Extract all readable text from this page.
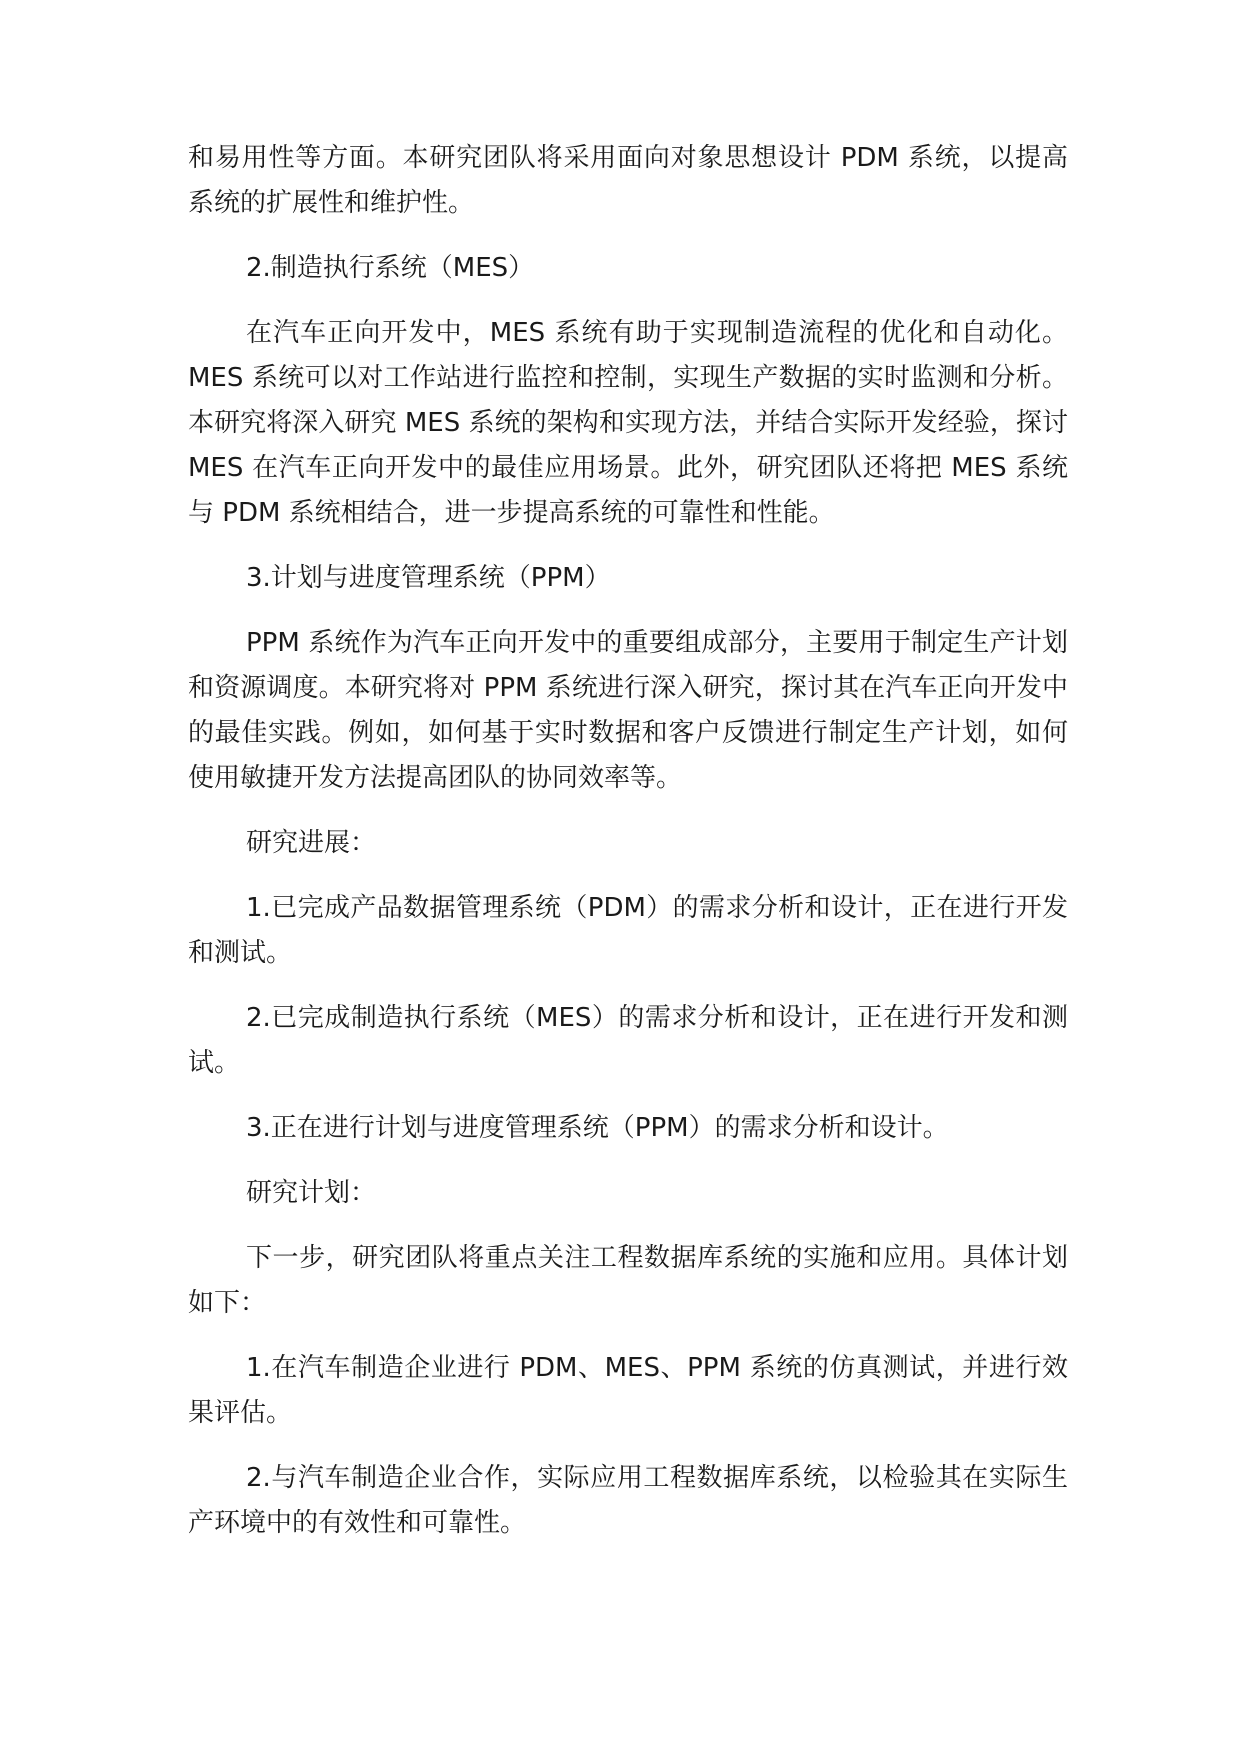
和易用性等方面。本研究团队将采用面向对象思想设计 PDM 系统，以提高系统的扩展性和维护性。

2.制造执行系统（MES）

在汽车正向开发中，MES 系统有助于实现制造流程的优化和自动化。MES 系统可以对工作站进行监控和控制，实现生产数据的实时监测和分析。本研究将深入研究 MES 系统的架构和实现方法，并结合实际开发经验，探讨 MES 在汽车正向开发中的最佳应用场景。此外，研究团队还将把 MES 系统与 PDM 系统相结合，进一步提高系统的可靠性和性能。

3.计划与进度管理系统（PPM）

PPM 系统作为汽车正向开发中的重要组成部分，主要用于制定生产计划和资源调度。本研究将对 PPM 系统进行深入研究，探讨其在汽车正向开发中的最佳实践。例如，如何基于实时数据和客户反馈进行制定生产计划，如何使用敏捷开发方法提高团队的协同效率等。

研究进展：

1.已完成产品数据管理系统（PDM）的需求分析和设计，正在进行开发和测试。

2.已完成制造执行系统（MES）的需求分析和设计，正在进行开发和测试。

3.正在进行计划与进度管理系统（PPM）的需求分析和设计。

研究计划：

下一步，研究团队将重点关注工程数据库系统的实施和应用。具体计划如下：

1.在汽车制造企业进行 PDM、MES、PPM 系统的仿真测试，并进行效果评估。

2.与汽车制造企业合作，实际应用工程数据库系统，以检验其在实际生产环境中的有效性和可靠性。
